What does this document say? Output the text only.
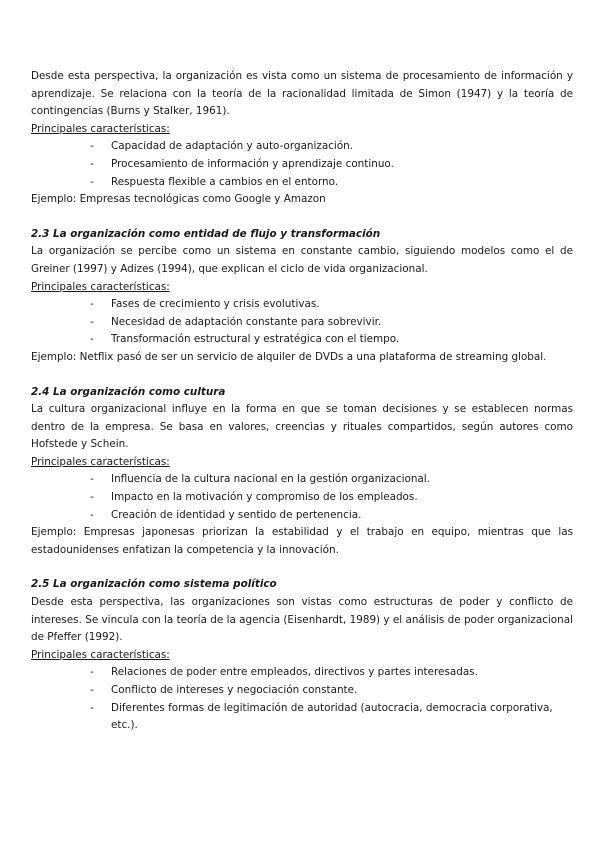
Desde esta perspectiva, la organización es vista como un sistema de procesamiento de información y aprendizaje. Se relaciona con la teoría de la racionalidad limitada de Simon (1947) y la teoría de contingencias (Burns y Stalker, 1961).

Principales características:

- Capacidad de adaptación y auto-organización.
- Procesamiento de información y aprendizaje continuo.
- Respuesta flexible a cambios en el entorno.

Ejemplo: Empresas tecnológicas como Google y Amazon

2.3 La organización como entidad de flujo y transformación

La organización se percibe como un sistema en constante cambio, siguiendo modelos como el de Greiner (1997) y Adizes (1994), que explican el ciclo de vida organizacional.

Principales características:

- Fases de crecimiento y crisis evolutivas.
- Necesidad de adaptación constante para sobrevivir.
- Transformación estructural y estratégica con el tiempo.

Ejemplo: Netflix pasó de ser un servicio de alquiler de DVDs a una plataforma de streaming global.

2.4 La organización como cultura

La cultura organizacional influye en la forma en que se toman decisiones y se establecen normas dentro de la empresa. Se basa en valores, creencias y rituales compartidos, según autores como Hofstede y Schein.

Principales características:

- Influencia de la cultura nacional en la gestión organizacional.
- Impacto en la motivación y compromiso de los empleados.
- Creación de identidad y sentido de pertenencia.

Ejemplo: Empresas japonesas priorizan la estabilidad y el trabajo en equipo, mientras que las estadounidenses enfatizan la competencia y la innovación.

2.5 La organización como sistema político

Desde esta perspectiva, las organizaciones son vistas como estructuras de poder y conflicto de intereses. Se vincula con la teoría de la agencia (Eisenhardt, 1989) y el análisis de poder organizacional de Pfeffer (1992).

Principales características:

- Relaciones de poder entre empleados, directivos y partes interesadas.
- Conflicto de intereses y negociación constante.
- Diferentes formas de legitimación de autoridad (autocracia, democracia corporativa, etc.).
